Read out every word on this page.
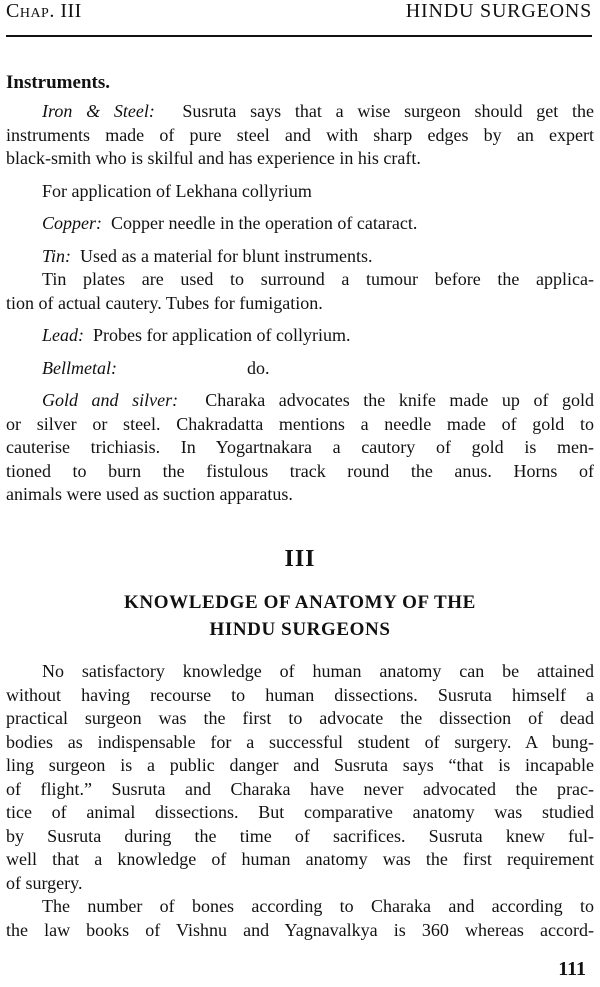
Chap. III	HINDU SURGEONS
Instruments.
Iron & Steel: Susruta says that a wise surgeon should get the
instruments made of pure steel and with sharp edges by an expert
black-smith who is skilful and has experience in his craft.
For application of Lekhana collyrium
Copper: Copper needle in the operation of cataract.
Tin: Used as a material for blunt instruments.
Tin plates are used to surround a tumour before the applica-
tion of actual cautery. Tubes for fumigation.
Lead: Probes for application of collyrium.
Bellmetal:	do.
Gold and silver: Charaka advocates the knife made up of gold
or silver or steel. Chakradatta mentions a needle made of gold to
cauterise trichiasis. In Yogartnakara a cautory of gold is men-
tioned to burn the fistulous track round the anus. Horns of
animals were used as suction apparatus.
III
KNOWLEDGE OF ANATOMY OF THE
HINDU SURGEONS
No satisfactory knowledge of human anatomy can be attained
without having recourse to human dissections. Susruta himself a
practical surgeon was the first to advocate the dissection of dead
bodies as indispensable for a successful student of surgery. A bung-
ling surgeon is a public danger and Susruta says “that is incapable
of flight.” Susruta and Charaka have never advocated the prac-
tice of animal dissections. But comparative anatomy was studied
by Susruta during the time of sacrifices. Susruta knew ful-
well that a knowledge of human anatomy was the first requirement
of surgery.
The number of bones according to Charaka and according to
the law books of Vishnu and Yagnavalkya is 360 whereas accord-
111
